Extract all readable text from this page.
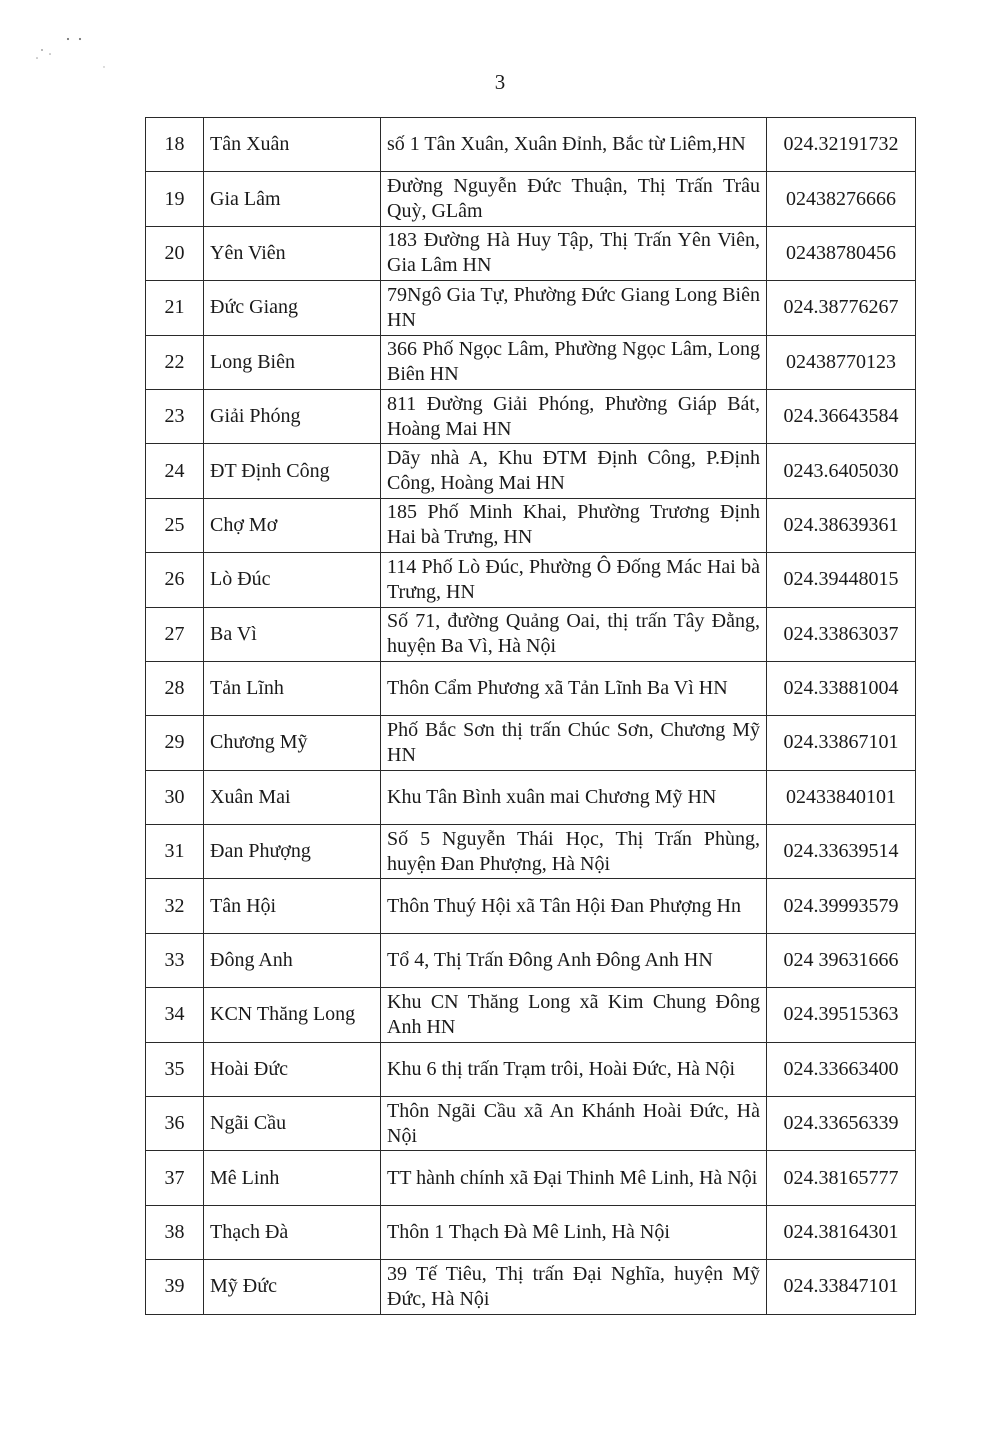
3
18	Tân Xuân	số 1 Tân Xuân, Xuân Đỉnh, Bắc từ Liêm,HN	024.32191732
19	Gia Lâm	Đường Nguyễn Đức Thuận, Thị Trấn Trâu Quỳ, GLâm	02438276666
20	Yên Viên	183 Đường Hà Huy Tập, Thị Trấn Yên Viên, Gia Lâm HN	02438780456
21	Đức Giang	79Ngô Gia Tự, Phường Đức Giang Long Biên HN	024.38776267
22	Long Biên	366 Phố Ngọc Lâm, Phường Ngọc Lâm, Long Biên HN	02438770123
23	Giải Phóng	811 Đường Giải Phóng, Phường Giáp Bát, Hoàng Mai HN	024.36643584
24	ĐT Định Công	Dãy nhà A, Khu ĐTM Định Công, P.Định Công, Hoàng Mai HN	0243.6405030
25	Chợ Mơ	185 Phố Minh Khai, Phường Trương Định Hai bà Trưng, HN	024.38639361
26	Lò Đúc	114 Phố Lò Đúc, Phường Ô Đống Mác Hai bà Trưng, HN	024.39448015
27	Ba Vì	Số 71, đường Quảng Oai, thị trấn Tây Đằng, huyện Ba Vì, Hà Nội	024.33863037
28	Tản Lĩnh	Thôn Cẩm Phương xã Tản Lĩnh Ba Vì HN	024.33881004
29	Chương Mỹ	Phố Bắc Sơn thị trấn Chúc Sơn, Chương Mỹ HN	024.33867101
30	Xuân Mai	Khu Tân Bình xuân mai Chương Mỹ HN	02433840101
31	Đan Phượng	Số 5 Nguyễn Thái Học, Thị Trấn Phùng, huyện Đan Phượng, Hà Nội	024.33639514
32	Tân Hội	Thôn Thuý Hội xã Tân Hội Đan Phượng Hn	024.39993579
33	Đông Anh	Tổ 4, Thị Trấn Đông Anh Đông Anh HN	024 39631666
34	KCN Thăng Long	Khu CN Thăng Long xã Kim Chung Đông Anh HN	024.39515363
35	Hoài Đức	Khu 6 thị trấn Trạm trôi, Hoài Đức, Hà Nội	024.33663400
36	Ngãi Cầu	Thôn Ngãi Cầu xã An Khánh Hoài Đức, Hà Nội	024.33656339
37	Mê Linh	TT hành chính xã Đại Thinh Mê Linh, Hà Nội	024.38165777
38	Thạch Đà	Thôn 1 Thạch Đà Mê Linh, Hà Nội	024.38164301
39	Mỹ Đức	39 Tế Tiêu, Thị trấn Đại Nghĩa, huyện Mỹ Đức, Hà Nội	024.33847101
